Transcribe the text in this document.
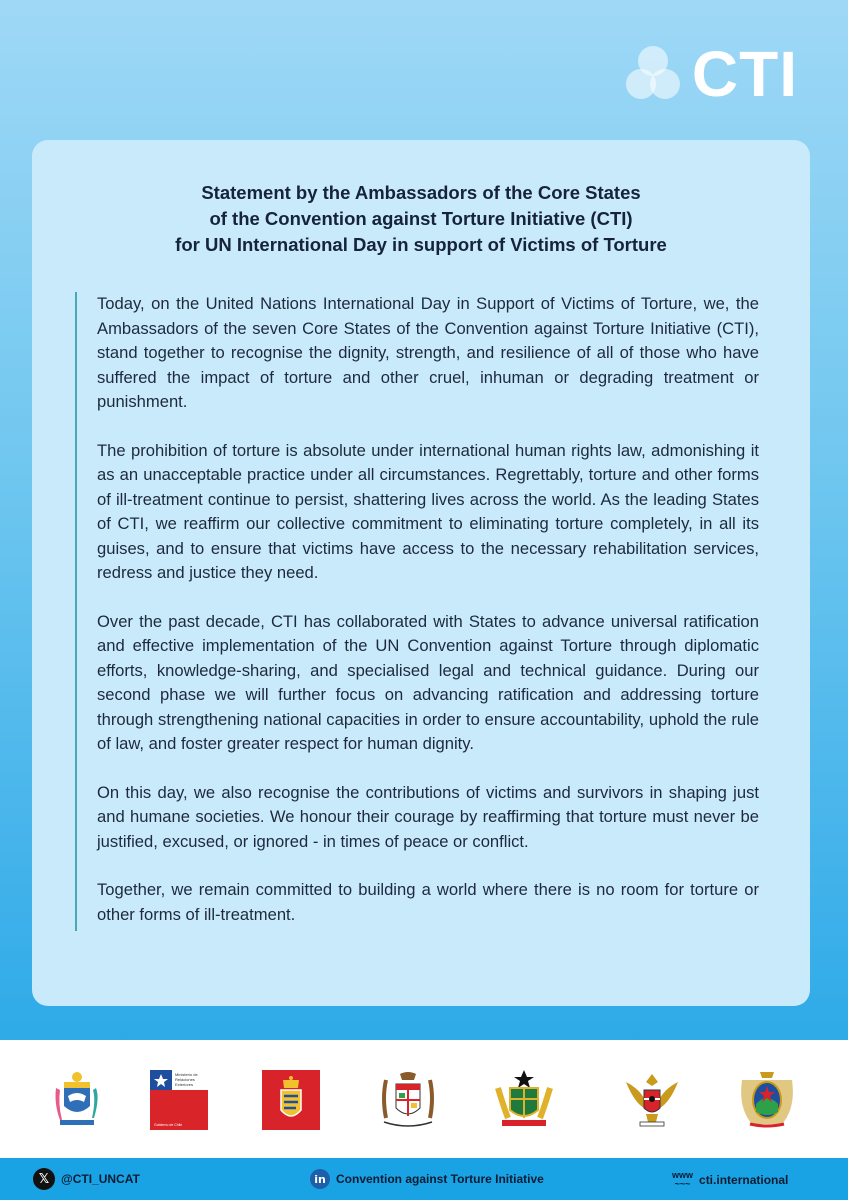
CTI
Statement by the Ambassadors of the Core States
of the Convention against Torture Initiative (CTI)
for UN International Day in support of Victims of Torture

Today, on the United Nations International Day in Support of Victims of Torture, we, the Ambassadors of the seven Core States of the Convention against Torture Initiative (CTI), stand together to recognise the dignity, strength, and resilience of all of those who have suffered the impact of torture and other cruel, inhuman or degrading treatment or punishment.

The prohibition of torture is absolute under international human rights law, admonishing it as an unacceptable practice under all circumstances. Regrettably, torture and other forms of ill-treatment continue to persist, shattering lives across the world. As the leading States of CTI, we reaffirm our collective commitment to eliminating torture completely, in all its guises, and to ensure that victims have access to the necessary rehabilitation services, redress and justice they need.

Over the past decade, CTI has collaborated with States to advance universal ratification and effective implementation of the UN Convention against Torture through diplomatic efforts, knowledge-sharing, and specialised legal and technical guidance. During our second phase we will further focus on advancing ratification and addressing torture through strengthening national capacities in order to ensure accountability, uphold the rule of law, and foster greater respect for human dignity.

On this day, we also recognise the contributions of victims and survivors in shaping just and humane societies. We honour their courage by reaffirming that torture must never be justified, excused, or ignored - in times of peace or conflict.

Together, we remain committed to building a world where there is no room for torture or other forms of ill-treatment.

Ministerio de
Relaciones
Exteriores
Gobierno de Chile
𝕏 @CTI_UNCAT	in Convention against Torture Initiative	www
~~~ cti.international
